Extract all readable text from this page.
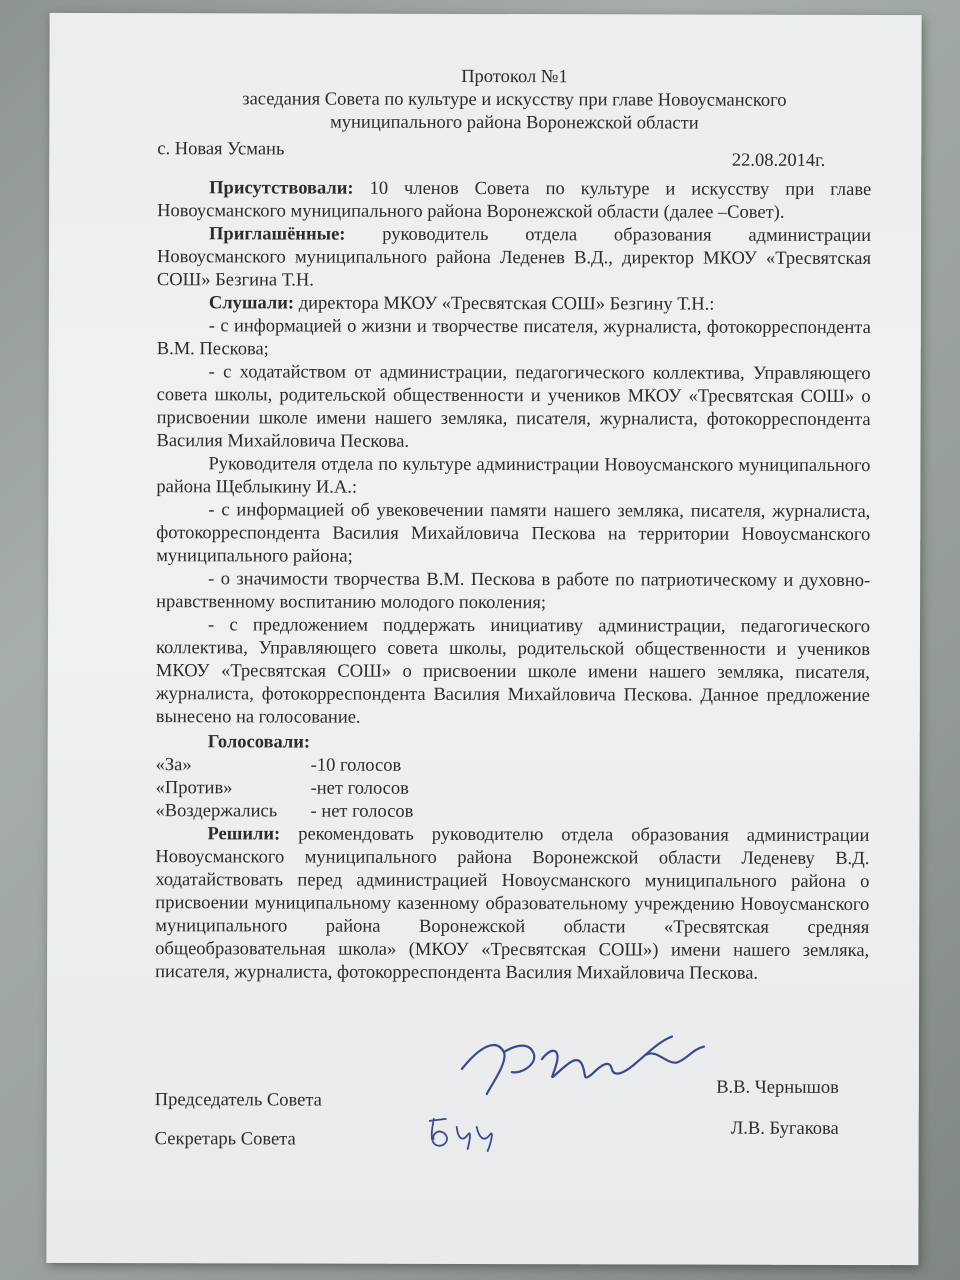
Протокол №1
заседания Совета по культуре и искусству при главе Новоусманского
муниципального района Воронежской области
с. Новая Усмань
22.08.2014г.

Присутствовали: 10 членов Совета по культуре и искусству при главе Новоусманского муниципального района Воронежской области (далее –Совет).

Приглашённые: руководитель отдела образования администрации Новоусманского муниципального района Леденев В.Д., директор МКОУ «Тресвятская СОШ» Безгина Т.Н.

Слушали: директора МКОУ «Тресвятская СОШ» Безгину Т.Н.:

- с информацией о жизни и творчестве писателя, журналиста, фотокорреспондента В.М. Пескова;

- с ходатайством от администрации, педагогического коллектива, Управляющего совета школы, родительской общественности и учеников МКОУ «Тресвятская СОШ» о присвоении школе имени нашего земляка, писателя, журналиста, фотокорреспондента Василия Михайловича Пескова.

Руководителя отдела по культуре администрации Новоусманского муниципального района Щеблыкину И.А.:

- с информацией об увековечении памяти нашего земляка, писателя, журналиста, фотокорреспондента Василия Михайловича Пескова на территории Новоусманского муниципального района;

- о значимости творчества В.М. Пескова в работе по патриотическому и духовно-нравственному воспитанию молодого поколения;

- с предложением поддержать инициативу администрации, педагогического коллектива, Управляющего совета школы, родительской общественности и учеников МКОУ «Тресвятская СОШ» о присвоении школе имени нашего земляка, писателя, журналиста, фотокорреспондента Василия Михайловича Пескова. Данное предложение вынесено на голосование.

Голосовали:

«За»	-10 голосов
«Против»	-нет голосов
«Воздержались	- нет голосов

Решили: рекомендовать руководителю отдела образования администрации Новоусманского муниципального района Воронежской области Леденеву В.Д. ходатайствовать перед администрацией Новоусманского муниципального района о присвоении муниципальному казенному образовательному учреждению Новоусманского муниципального района Воронежской области «Тресвятская средняя общеобразовательная школа» (МКОУ «Тресвятская СОШ») имени нашего земляка, писателя, журналиста, фотокорреспондента Василия Михайловича Пескова.

Председатель Совета
В.В. Чернышов
Секретарь Совета
Л.В. Бугакова
